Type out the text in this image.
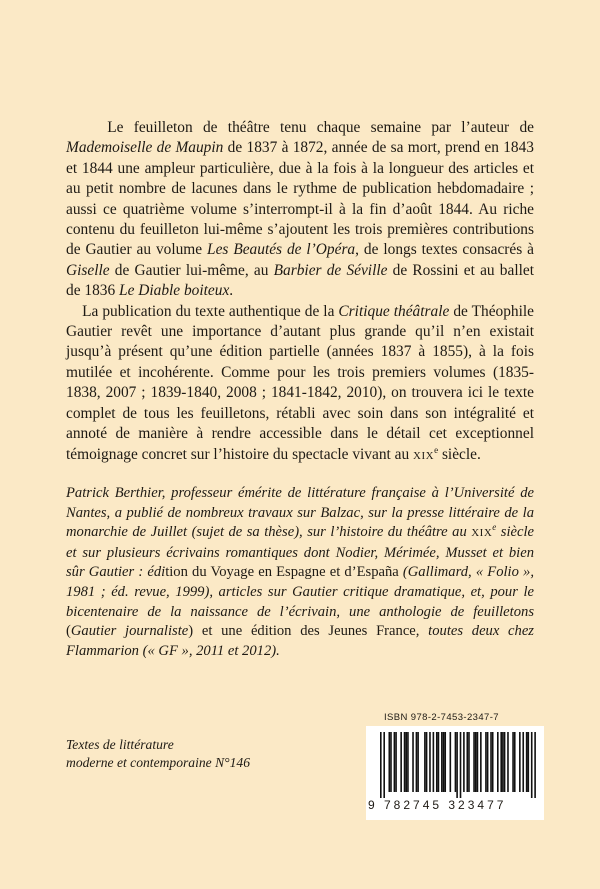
Le feuilleton de théâtre tenu chaque semaine par l’auteur de Mademoiselle de Maupin de 1837 à 1872, année de sa mort, prend en 1843 et 1844 une ampleur particulière, due à la fois à la longueur des articles et au petit nombre de lacunes dans le rythme de publication hebdomadaire ; aussi ce quatrième volume s’interrompt-il à la fin d’août 1844. Au riche contenu du feuilleton lui-même s’ajoutent les trois premières contributions de Gautier au volume Les Beautés de l’Opéra, de longs textes consacrés à Giselle de Gautier lui-même, au Barbier de Séville de Rossini et au ballet de 1836 Le Diable boiteux.

La publication du texte authentique de la Critique théâtrale de Théophile Gautier revêt une importance d’autant plus grande qu’il n’en existait jusqu’à présent qu’une édition partielle (années 1837 à 1855), à la fois mutilée et incohérente. Comme pour les trois premiers volumes (1835-1838, 2007 ; 1839-1840, 2008 ; 1841-1842, 2010), on trouvera ici le texte complet de tous les feuilletons, rétabli avec soin dans son intégralité et annoté de manière à rendre accessible dans le détail cet exceptionnel témoignage concret sur l’histoire du spectacle vivant au XIXe siècle.

Patrick Berthier, professeur émérite de littérature française à l’Université de Nantes, a publié de nombreux travaux sur Balzac, sur la presse littéraire de la monarchie de Juillet (sujet de sa thèse), sur l’histoire du théâtre au XIXe siècle et sur plusieurs écrivains romantiques dont Nodier, Mérimée, Musset et bien sûr Gautier : édition du Voyage en Espagne et d’España (Gallimard, « Folio », 1981 ; éd. revue, 1999), articles sur Gautier critique dramatique, et, pour le bicentenaire de la naissance de l’écrivain, une anthologie de feuilletons (Gautier journaliste) et une édition des Jeunes France, toutes deux chez Flammarion (« GF », 2011 et 2012).
Textes de littérature
moderne et contemporaine N°146
ISBN 978-2-7453-2347-7
9 782745 323477
